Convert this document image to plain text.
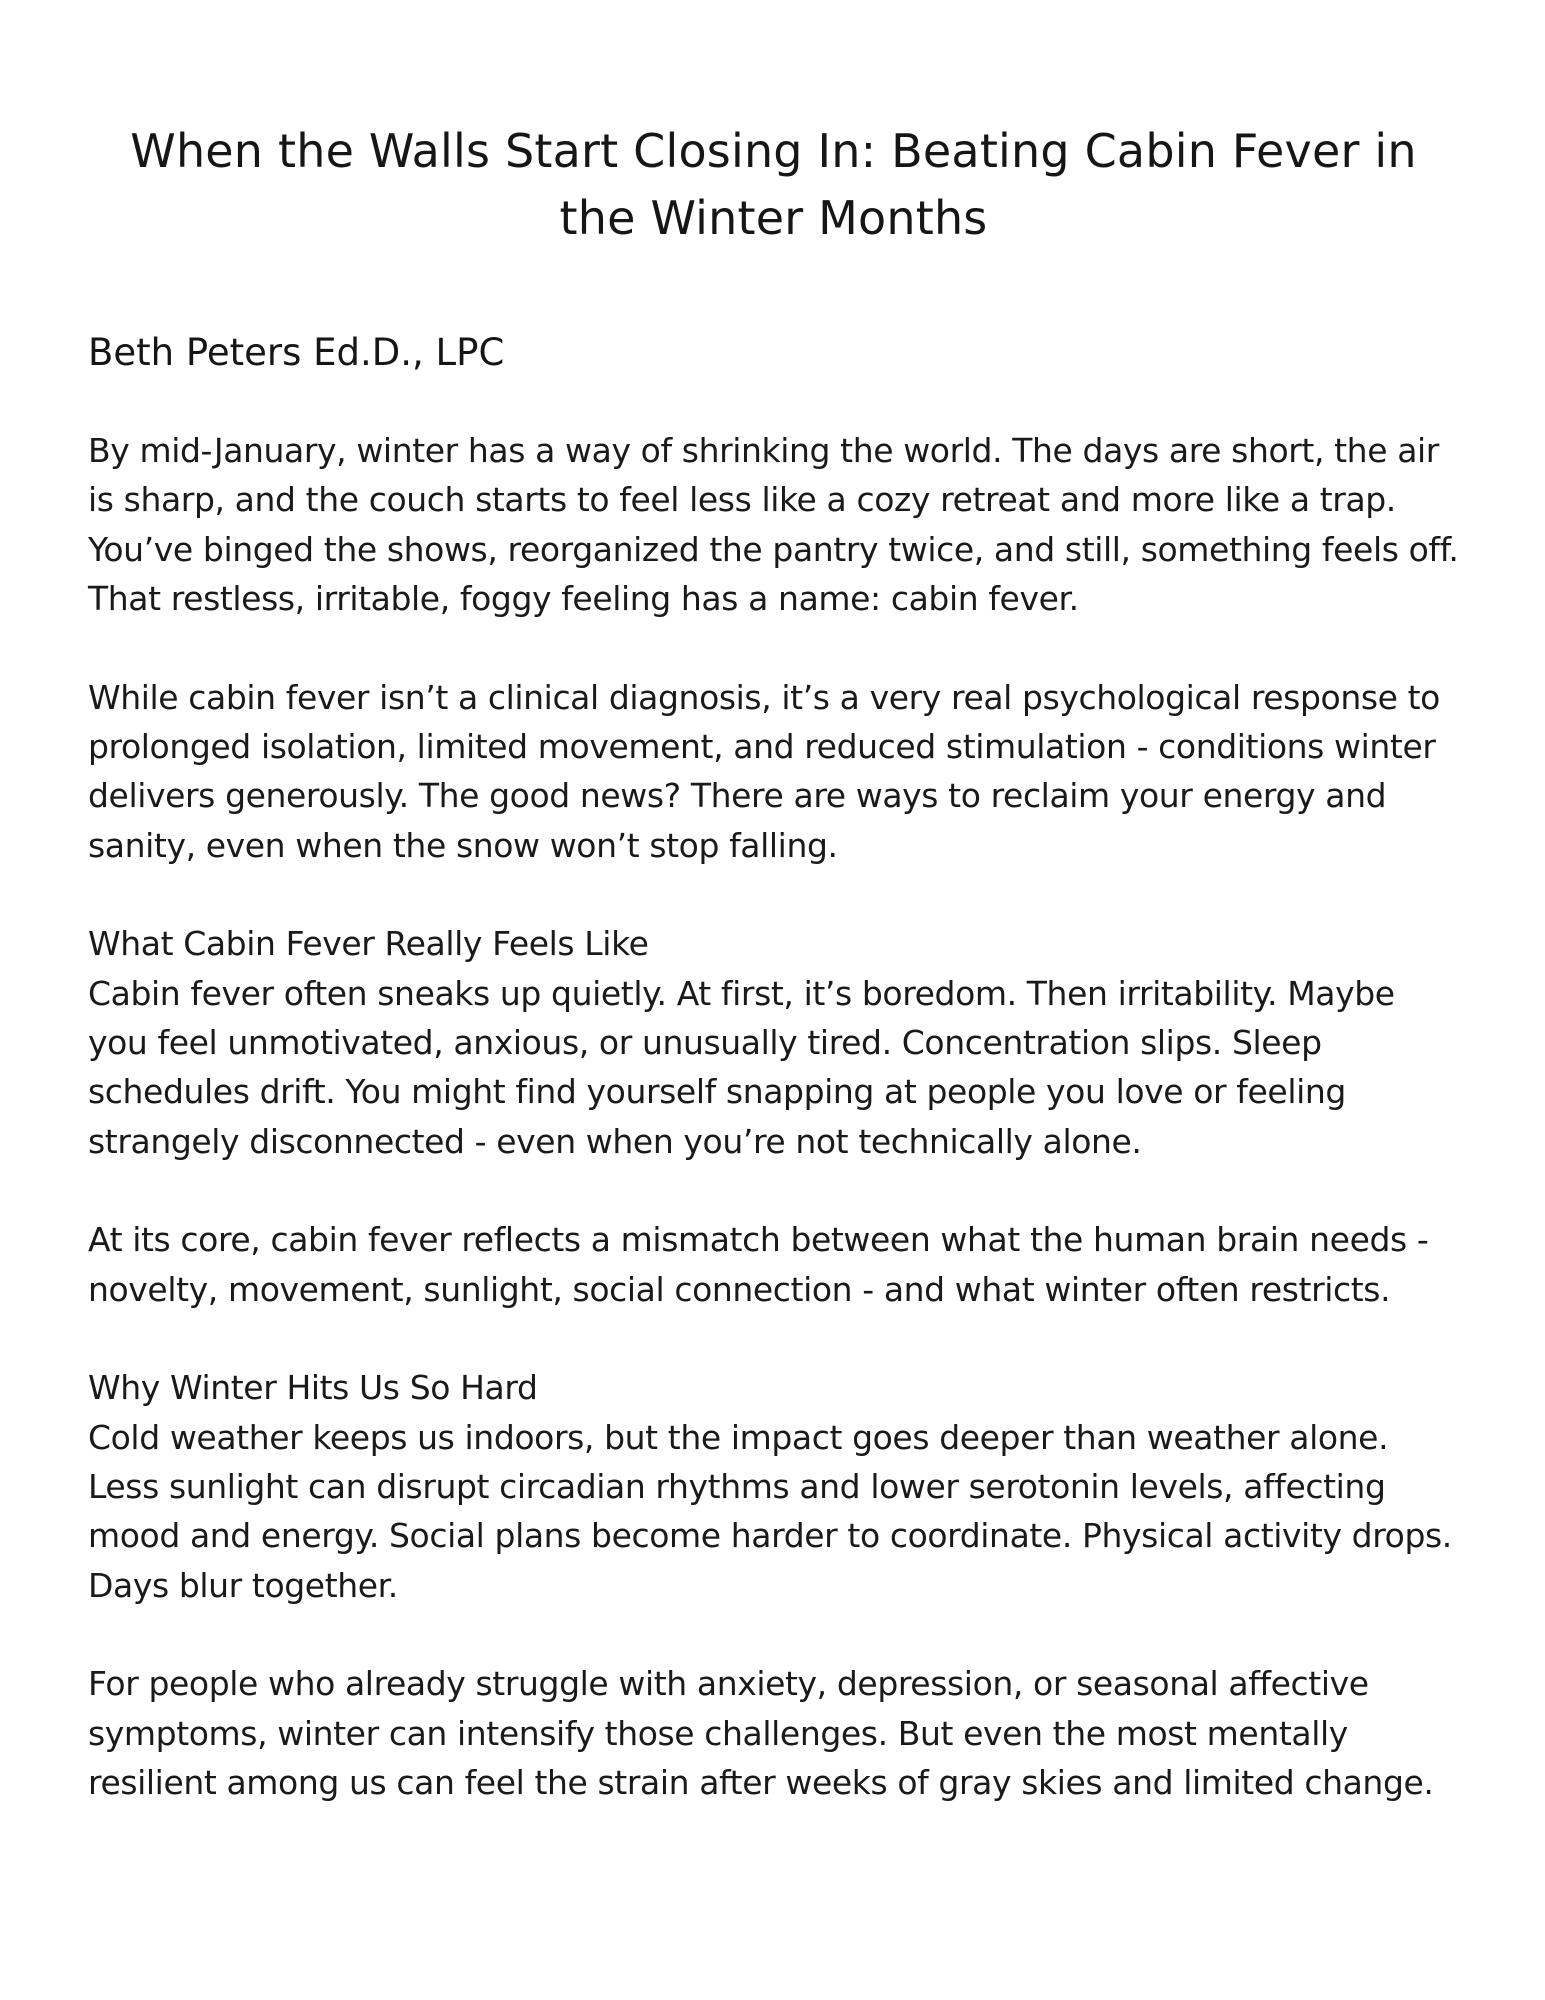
When the Walls Start Closing In: Beating Cabin Fever in the Winter Months
Beth Peters Ed.D., LPC

By mid-January, winter has a way of shrinking the world. The days are short, the air is sharp, and the couch starts to feel less like a cozy retreat and more like a trap. You’ve binged the shows, reorganized the pantry twice, and still, something feels off. That restless, irritable, foggy feeling has a name: cabin fever.

While cabin fever isn’t a clinical diagnosis, it’s a very real psychological response to prolonged isolation, limited movement, and reduced stimulation - conditions winter delivers generously. The good news? There are ways to reclaim your energy and sanity, even when the snow won’t stop falling.

What Cabin Fever Really Feels Like

Cabin fever often sneaks up quietly. At first, it’s boredom. Then irritability. Maybe you feel unmotivated, anxious, or unusually tired. Concentration slips. Sleep schedules drift. You might find yourself snapping at people you love or feeling strangely disconnected - even when you’re not technically alone.

At its core, cabin fever reflects a mismatch between what the human brain needs - novelty, movement, sunlight, social connection - and what winter often restricts.

Why Winter Hits Us So Hard

Cold weather keeps us indoors, but the impact goes deeper than weather alone. Less sunlight can disrupt circadian rhythms and lower serotonin levels, affecting mood and energy. Social plans become harder to coordinate. Physical activity drops. Days blur together.

For people who already struggle with anxiety, depression, or seasonal affective symptoms, winter can intensify those challenges. But even the most mentally resilient among us can feel the strain after weeks of gray skies and limited change.
